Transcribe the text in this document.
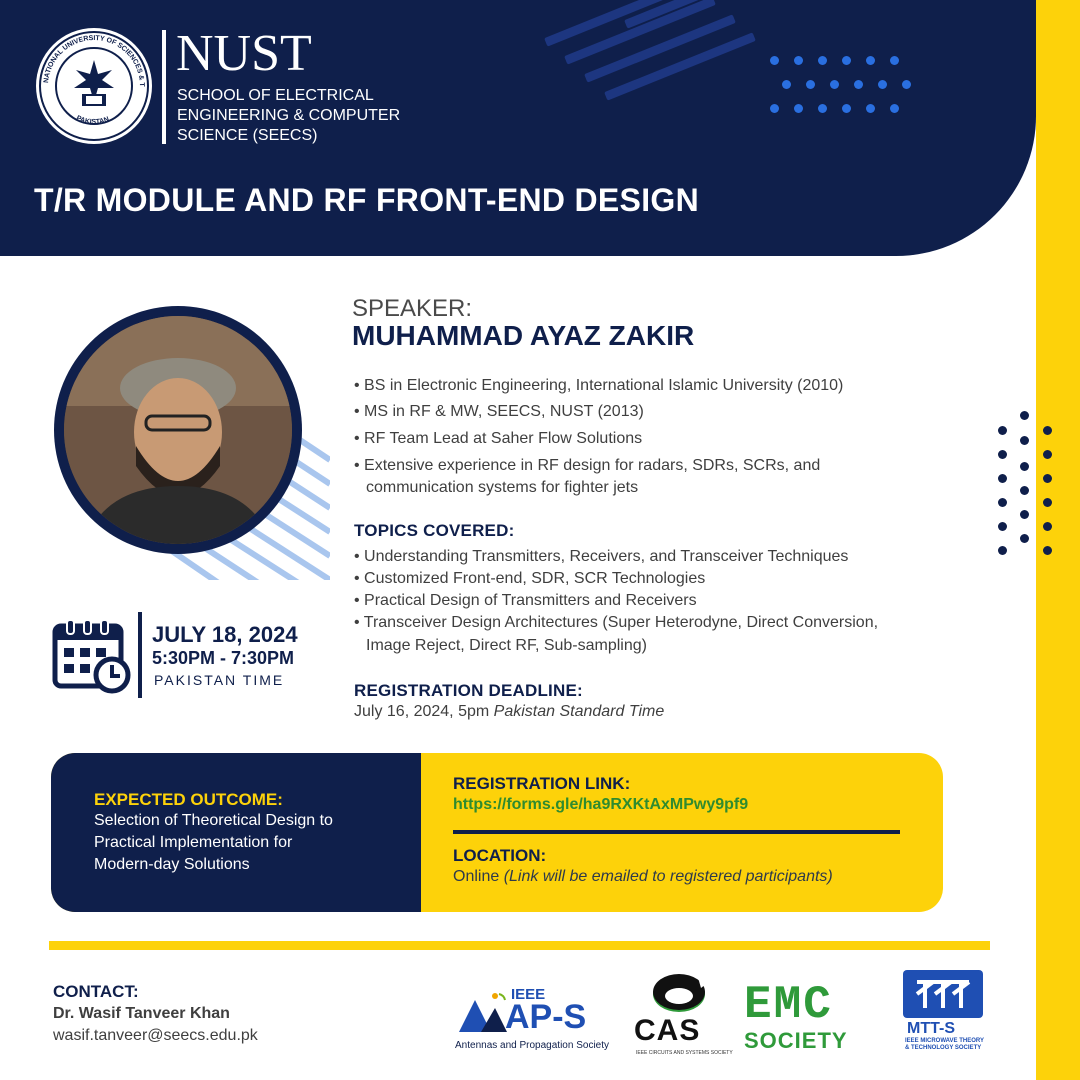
NATIONAL UNIVERSITY OF SCIENCES & T
PAKISTAN
NUST
SCHOOL OF ELECTRICAL
ENGINEERING & COMPUTER
SCIENCE (SEECS)
T/R MODULE AND RF FRONT-END DESIGN
SPEAKER:
MUHAMMAD AYAZ ZAKIR
• BS in Electronic Engineering, International Islamic University (2010)
• MS in RF & MW, SEECS, NUST (2013)
• RF Team Lead at Saher Flow Solutions
• Extensive experience in RF design for radars, SDRs, SCRs, and
communication systems for fighter jets
TOPICS COVERED:
• Understanding Transmitters, Receivers, and Transceiver Techniques
• Customized Front-end, SDR, SCR Technologies
• Practical Design of Transmitters and Receivers
• Transceiver Design Architectures (Super Heterodyne, Direct Conversion,
Image Reject, Direct RF, Sub-sampling)
REGISTRATION DEADLINE:
July 16, 2024, 5pm Pakistan Standard Time
JULY 18, 2024
5:30PM - 7:30PM
PAKISTAN TIME
EXPECTED OUTCOME:
Selection of Theoretical Design to
Practical Implementation for
Modern-day Solutions
REGISTRATION LINK:
https://forms.gle/ha9RXKtAxMPwy9pf9
LOCATION:
Online (Link will be emailed to registered participants)
CONTACT:
Dr. Wasif Tanveer Khan
wasif.tanveer@seecs.edu.pk
IEEE
AP-S
Antennas and Propagation Society CAS
IEEE CIRCUITS AND SYSTEMS SOCIETY
EMC
SOCIETY	MTT-S
IEEE MICROWAVE THEORY
& TECHNOLOGY SOCIETY
